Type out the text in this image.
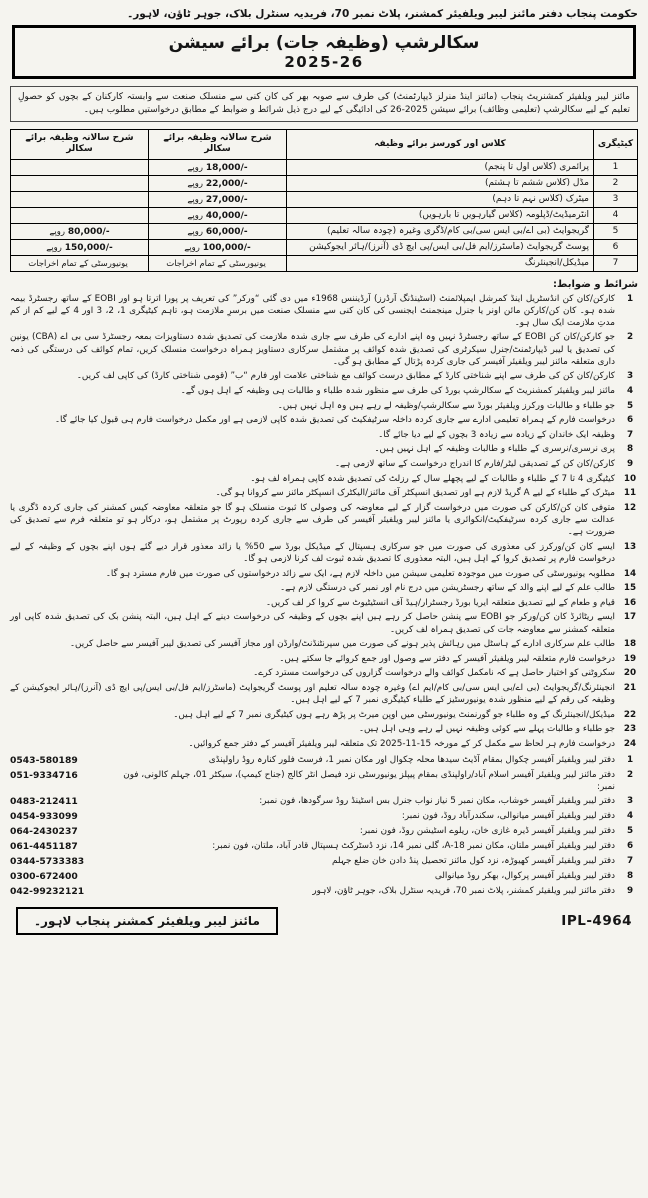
حکومت پنجاب دفتر مائنز لیبر ویلفیئر کمشنر، پلاٹ نمبر 70، فریدیہ سنٹرل بلاک، جوہر ٹاؤن، لاہور۔
سکالرشپ (وظیفہ جات) برائے سیشن
2025-26
مائنز لیبر ویلفیئر کمشنریٹ پنجاب (مائنز اینڈ منرلز ڈیپارٹمنٹ) کی طرف سے صوبہ بھر کی کان کنی سے منسلک صنعت سے وابستہ کارکنان کے بچوں کو حصولِ تعلیم کے لیے سکالرشپ (تعلیمی وظائف) برائے سیشن 2025-26 کی ادائیگی کے لیے درج ذیل شرائط و ضوابط کے مطابق درخواستیں مطلوب ہیں۔
کیٹیگری	کلاس اور کورسز برائے وظیفہ	شرح سالانہ وظیفہ برائے سکالر	شرح سالانہ وظیفہ برائے سکالر
1	پرائمری (کلاس اول تا پنجم)	18,000/- روپے	
2	مڈل (کلاس ششم تا ہشتم)	22,000/- روپے	
3	میٹرک (کلاس نہم تا دہم)	27,000/- روپے	
4	انٹرمیڈیٹ/ڈپلومہ (کلاس گیارہویں تا بارہویں)	40,000/- روپے	
5	گریجوایٹ (بی اے/بی ایس سی/بی کام/ڈگری وغیرہ (چودہ سالہ تعلیم)	60,000/- روپے	80,000/- روپے
6	پوسٹ گریجوایٹ (ماسٹرز/ایم فل/بی ایس/پی ایچ ڈی (آنرز)/ہائر ایجوکیشن	100,000/- روپے	150,000/- روپے
7	میڈیکل/انجینئرنگ	یونیورسٹی کے تمام اخراجات	یونیورسٹی کے تمام اخراجات
شرائط و ضوابط:
1
کارکن/کان کن انڈسٹریل اینڈ کمرشل ایمپلائمنٹ (اسٹینڈنگ آرڈرز) آرڈیننس 1968ء میں دی گئی “ورکر” کی تعریف پر پورا اترتا ہو اور EOBI کے ساتھ رجسٹرڈ بیمہ شدہ ہو۔ کان کن/کارکن مائن اونر یا جنرل مینجمنٹ ایجنسی کی کان کنی سے منسلک صنعت میں برسرِ ملازمت ہو، تاہم کیٹیگری 1، 2، 3 اور 4 کے لیے کم از کم مدتِ ملازمت ایک سال ہو۔
2
جو کارکن/کان کن EOBI کے ساتھ رجسٹرڈ نہیں وہ اپنے ادارے کی طرف سے جاری شدہ ملازمت کی تصدیق شدہ دستاویزات بمعہ رجسٹرڈ سی بی اے (CBA) یونین کی تصدیق یا لیبر ڈیپارٹمنٹ/جنرل سیکرٹری کی تصدیق شدہ کوائف پر مشتمل سرکاری دستاویز ہمراہ درخواست منسلک کریں، تمام کوائف کی درستگی کی ذمہ داری متعلقہ مائنز لیبر ویلفیئر آفیسر کی جاری کردہ پڑتال کے مطابق ہو گی۔
3
کارکن/کان کن کی طرف سے اپنے شناختی کارڈ کے مطابق درست کوائف مع شناختی علامت اور فارم “ب” (قومی شناختی کارڈ) کی کاپی لف کریں۔
4
مائنز لیبر ویلفیئر کمشنریٹ کے سکالرشپ بورڈ کی طرف سے منظور شدہ طلباء و طالبات ہی وظیفہ کے اہل ہوں گے۔
5
جو طلباء و طالبات ورکرز ویلفیئر بورڈ سے سکالرشپ/وظیفہ لے رہے ہیں وہ اہل نہیں ہیں۔
6
درخواست فارم کے ہمراہ تعلیمی ادارے سے جاری کردہ داخلہ سرٹیفکیٹ کی تصدیق شدہ کاپی لازمی ہے اور مکمل درخواست فارم ہی قبول کیا جائے گا۔
7
وظیفہ ایک خاندان کے زیادہ سے زیادہ 3 بچوں کے لیے دیا جائے گا۔
8
پری نرسری/نرسری کے طلباء و طالبات وظیفہ کے اہل نہیں ہیں۔
9
کارکن/کان کن کے تصدیقی لیٹر/فارم کا اندراج درخواست کے ساتھ لازمی ہے۔
10
کیٹیگری 4 تا 7 کے طلباء و طالبات کے لیے پچھلے سال کے رزلٹ کی تصدیق شدہ کاپی ہمراہ لف ہو۔
11
میٹرک کے طلباء کے لیے A گریڈ لازم ہے اور تصدیق انسپکٹر آف مائنز/الیکٹرک انسپکٹر مائنز سے کروانا ہو گی۔
12
متوفی کان کن/کارکن کی صورت میں درخواست گزار کے لیے معاوضہ کی وصولی کا ثبوت منسلک ہو گا جو متعلقہ معاوضہ کیس کمشنر کی جاری کردہ ڈگری یا عدالت سے جاری کردہ سرٹیفکیٹ/انکوائری یا مائنز لیبر ویلفیئر آفیسر کی طرف سے جاری کردہ رپورٹ پر مشتمل ہو، درکار ہو تو متعلقہ فرم سے تصدیق کی ضرورت ہے۔
13
ایسے کان کن/ورکرز کی معذوری کی صورت میں جو سرکاری ہسپتال کے میڈیکل بورڈ سے 50% یا زائد معذور قرار دیے گئے ہوں اپنے بچوں کے وظیفہ کے لیے درخواست فارم پر تصدیق کروا کے اہل ہیں، البتہ معذوری کا تصدیق شدہ ثبوت لف کرنا لازمی ہو گا۔
14
مطلوبہ یونیورسٹی کی صورت میں موجودہ تعلیمی سیشن میں داخلہ لازم ہے، ایک سے زائد درخواستوں کی صورت میں فارم مسترد ہو گا۔
15
طالب علم کے لیے اپنے والد کے ساتھ رجسٹریشن میں درج نام اور نمبر کی درستگی لازم ہے۔
16
قیام و طعام کے لیے تصدیق متعلقہ ایریا بورڈ رجسٹرار/ہیڈ آف انسٹیٹیوٹ سے کروا کر لف کریں۔
17
ایسے ریٹائرڈ کان کن/ورکر جو EOBI سے پنشن حاصل کر رہے ہیں اپنے بچوں کے وظیفہ کی درخواست دینے کے اہل ہیں، البتہ پنشن بک کی تصدیق شدہ کاپی اور متعلقہ کمشنر سے معاوضہ جات کی تصدیق ہمراہ لف کریں۔
18
طالب علم سرکاری ادارے کے ہاسٹل میں رہائش پذیر ہونے کی صورت میں سپرنٹنڈنٹ/وارڈن اور مجاز آفیسر کی تصدیق لیبر آفیسر سے حاصل کریں۔
19
درخواست فارم متعلقہ لیبر ویلفیئر آفیسر کے دفتر سے وصول اور جمع کروائے جا سکتے ہیں۔
20
سکروٹنی کو اختیار حاصل ہے کہ نامکمل کوائف والے درخواست گزاروں کی درخواست مسترد کرے۔
21
انجینئرنگ/گریجوایٹ (بی اے/بی ایس سی/بی کام/ایم اے) وغیرہ چودہ سالہ تعلیم اور پوسٹ گریجوایٹ (ماسٹرز/ایم فل/بی ایس/پی ایچ ڈی (آنرز)/ہائر ایجوکیشن کے وظیفہ کی رقم کے لیے منظور شدہ یونیورسٹیز کے طلباء کیٹیگری نمبر 7 کے لیے اہل ہیں۔
22
میڈیکل/انجینئرنگ کے وہ طلباء جو گورنمنٹ یونیورسٹی میں اوپن میرٹ پر پڑھ رہے ہوں کیٹیگری نمبر 7 کے لیے اہل ہیں۔
23
جو طلباء و طالبات پہلے سے کوئی وظیفہ نہیں لے رہے وہی اہل ہیں۔
24
درخواست فارم ہر لحاظ سے مکمل کر کے مورخہ 15-11-2025 تک متعلقہ لیبر ویلفیئر آفیسر کے دفتر جمع کروائیں۔
1
دفتر لیبر ویلفیئر آفیسر چکوال بمقام آڈیٹ سیدھا محلہ چکوال اور مکان نمبر 1، فرسٹ فلور کنارہ روڈ راولپنڈی
0543-580189
2
دفتر مائنز لیبر ویلفیئر آفیسر اسلام آباد/راولپنڈی بمقام پیپلز یونیورسٹی نزد فیصل انٹر کالج (جناح کیمپ)، سیکٹر 01، جہلم کالونی، فون نمبر:
051-9334716
3
دفتر لیبر ویلفیئر آفیسر خوشاب، مکان نمبر 5 نیاز نواب جنرل بس اسٹینڈ روڈ سرگودھا، فون نمبر:
0483-212411
4
دفتر لیبر ویلفیئر آفیسر میانوالی، سکندرآباد روڈ، فون نمبر:
0454-933099
5
دفتر لیبر ویلفیئر آفیسر ڈیرہ غازی خان، ریلوے اسٹیشن روڈ، فون نمبر:
064-2430237
6
دفتر لیبر ویلفیئر آفیسر ملتان، مکان نمبر A-18، گلی نمبر 14، نزد ڈسٹرکٹ ہسپتال قادر آباد، ملتان، فون نمبر:
061-4451187
7
دفتر لیبر ویلفیئر آفیسر کھیوڑہ، نزد کول مائنز تحصیل پنڈ دادن خان ضلع جہلم
0344-5733383
8
دفتر لیبر ویلفیئر آفیسر پرکوال، بھکر روڈ میانوالی
0300-672400
9
دفتر مائنز لیبر ویلفیئر کمشنر، پلاٹ نمبر 70، فریدیہ سنٹرل بلاک، جوہر ٹاؤن، لاہور
042-99232121
IPL-4964
مائنز لیبر ویلفیئر کمشنر پنجاب لاہور۔
